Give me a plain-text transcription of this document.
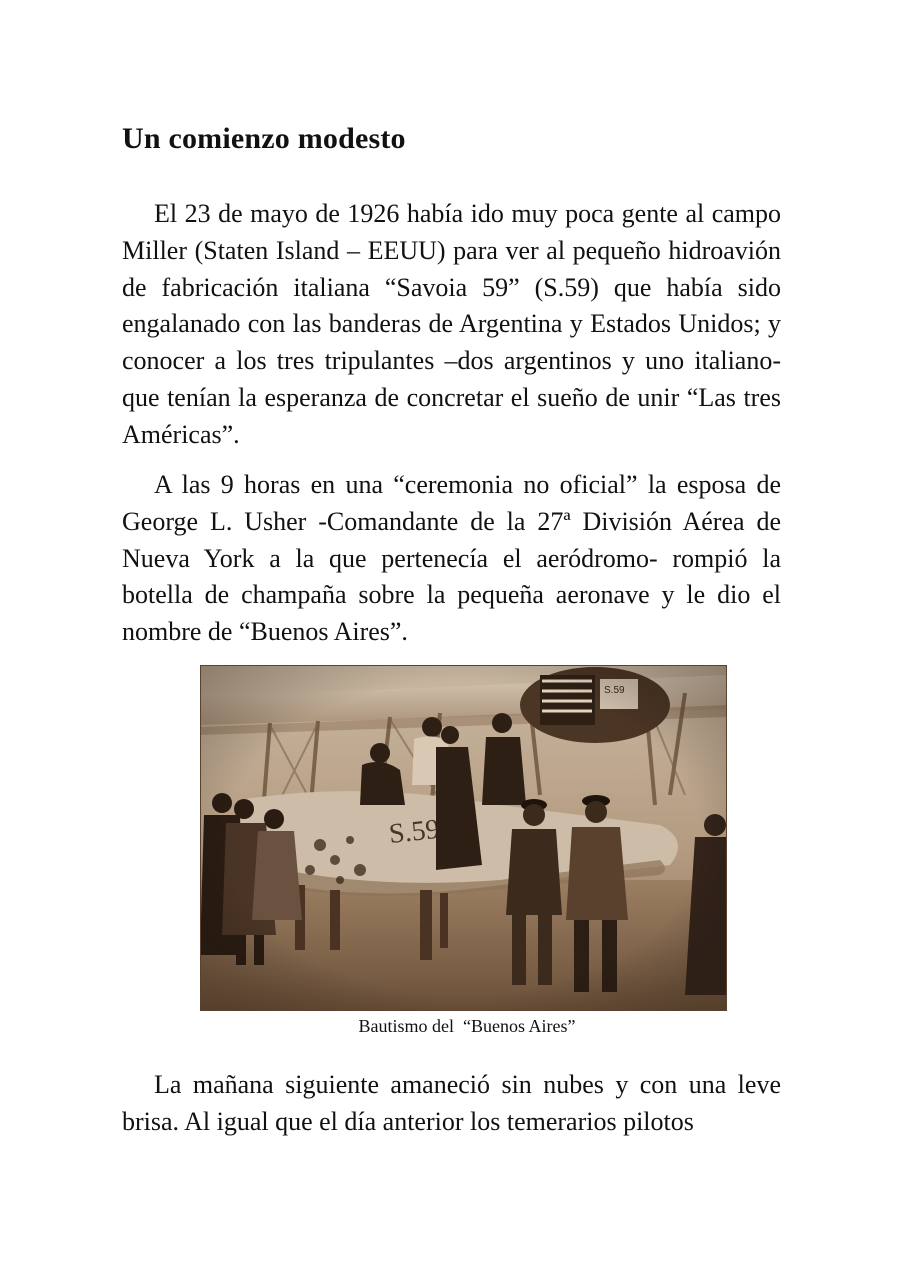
Un comienzo modesto

El 23 de mayo de 1926 había ido muy poca gente al campo Miller (Staten Island – EEUU) para ver al pequeño hidroavión de fabricación italiana “Savoia 59” (S.59) que había sido engalanado con las banderas de Argentina y Estados Unidos; y conocer a los tres tripulantes –dos argentinos y uno italiano- que tenían la esperanza de concretar el sueño de unir “Las tres Américas”.

A las 9 horas en una “ceremonia no oficial” la esposa de George L. Usher -Comandante de la 27ª División Aérea de Nueva York a la que pertenecía el aeródromo- rompió la botella de champaña sobre la pequeña aeronave y le dio el nombre de “Buenos Aires”.

Bautismo del  “Buenos Aires”

La mañana siguiente amaneció sin nubes y con una leve brisa. Al igual que el día anterior los temerarios pilotos
